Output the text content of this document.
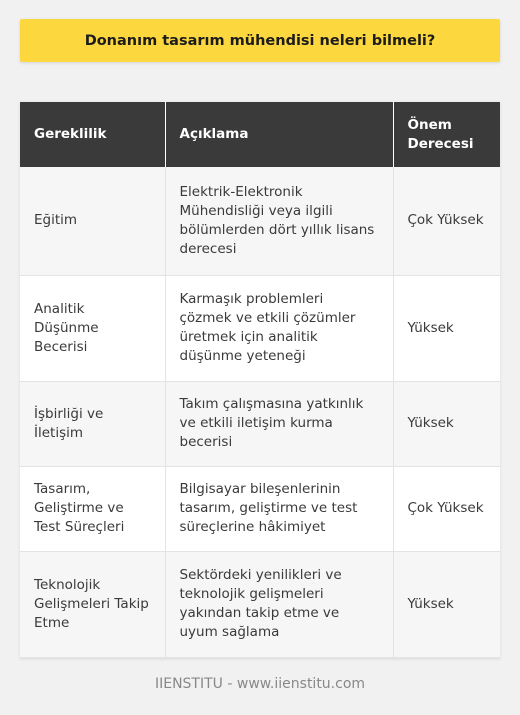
Donanım tasarım mühendisi neleri bilmeli?
Gereklilik	Açıklama	Önem Derecesi
Eğitim	Elektrik-Elektronik Mühendisliği veya ilgili bölümlerden dört yıllık lisans derecesi	Çok Yüksek
Analitik Düşünme Becerisi	Karmaşık problemleri çözmek ve etkili çözümler üretmek için analitik düşünme yeteneği	Yüksek
İşbirliği ve İletişim	Takım çalışmasına yatkınlık ve etkili iletişim kurma becerisi	Yüksek
Tasarım, Geliştirme ve Test Süreçleri	Bilgisayar bileşenlerinin tasarım, geliştirme ve test süreçlerine hâkimiyet	Çok Yüksek
Teknolojik Gelişmeleri Takip Etme	Sektördeki yenilikleri ve teknolojik gelişmeleri yakından takip etme ve uyum sağlama	Yüksek
IIENSTITU - www.iienstitu.com
